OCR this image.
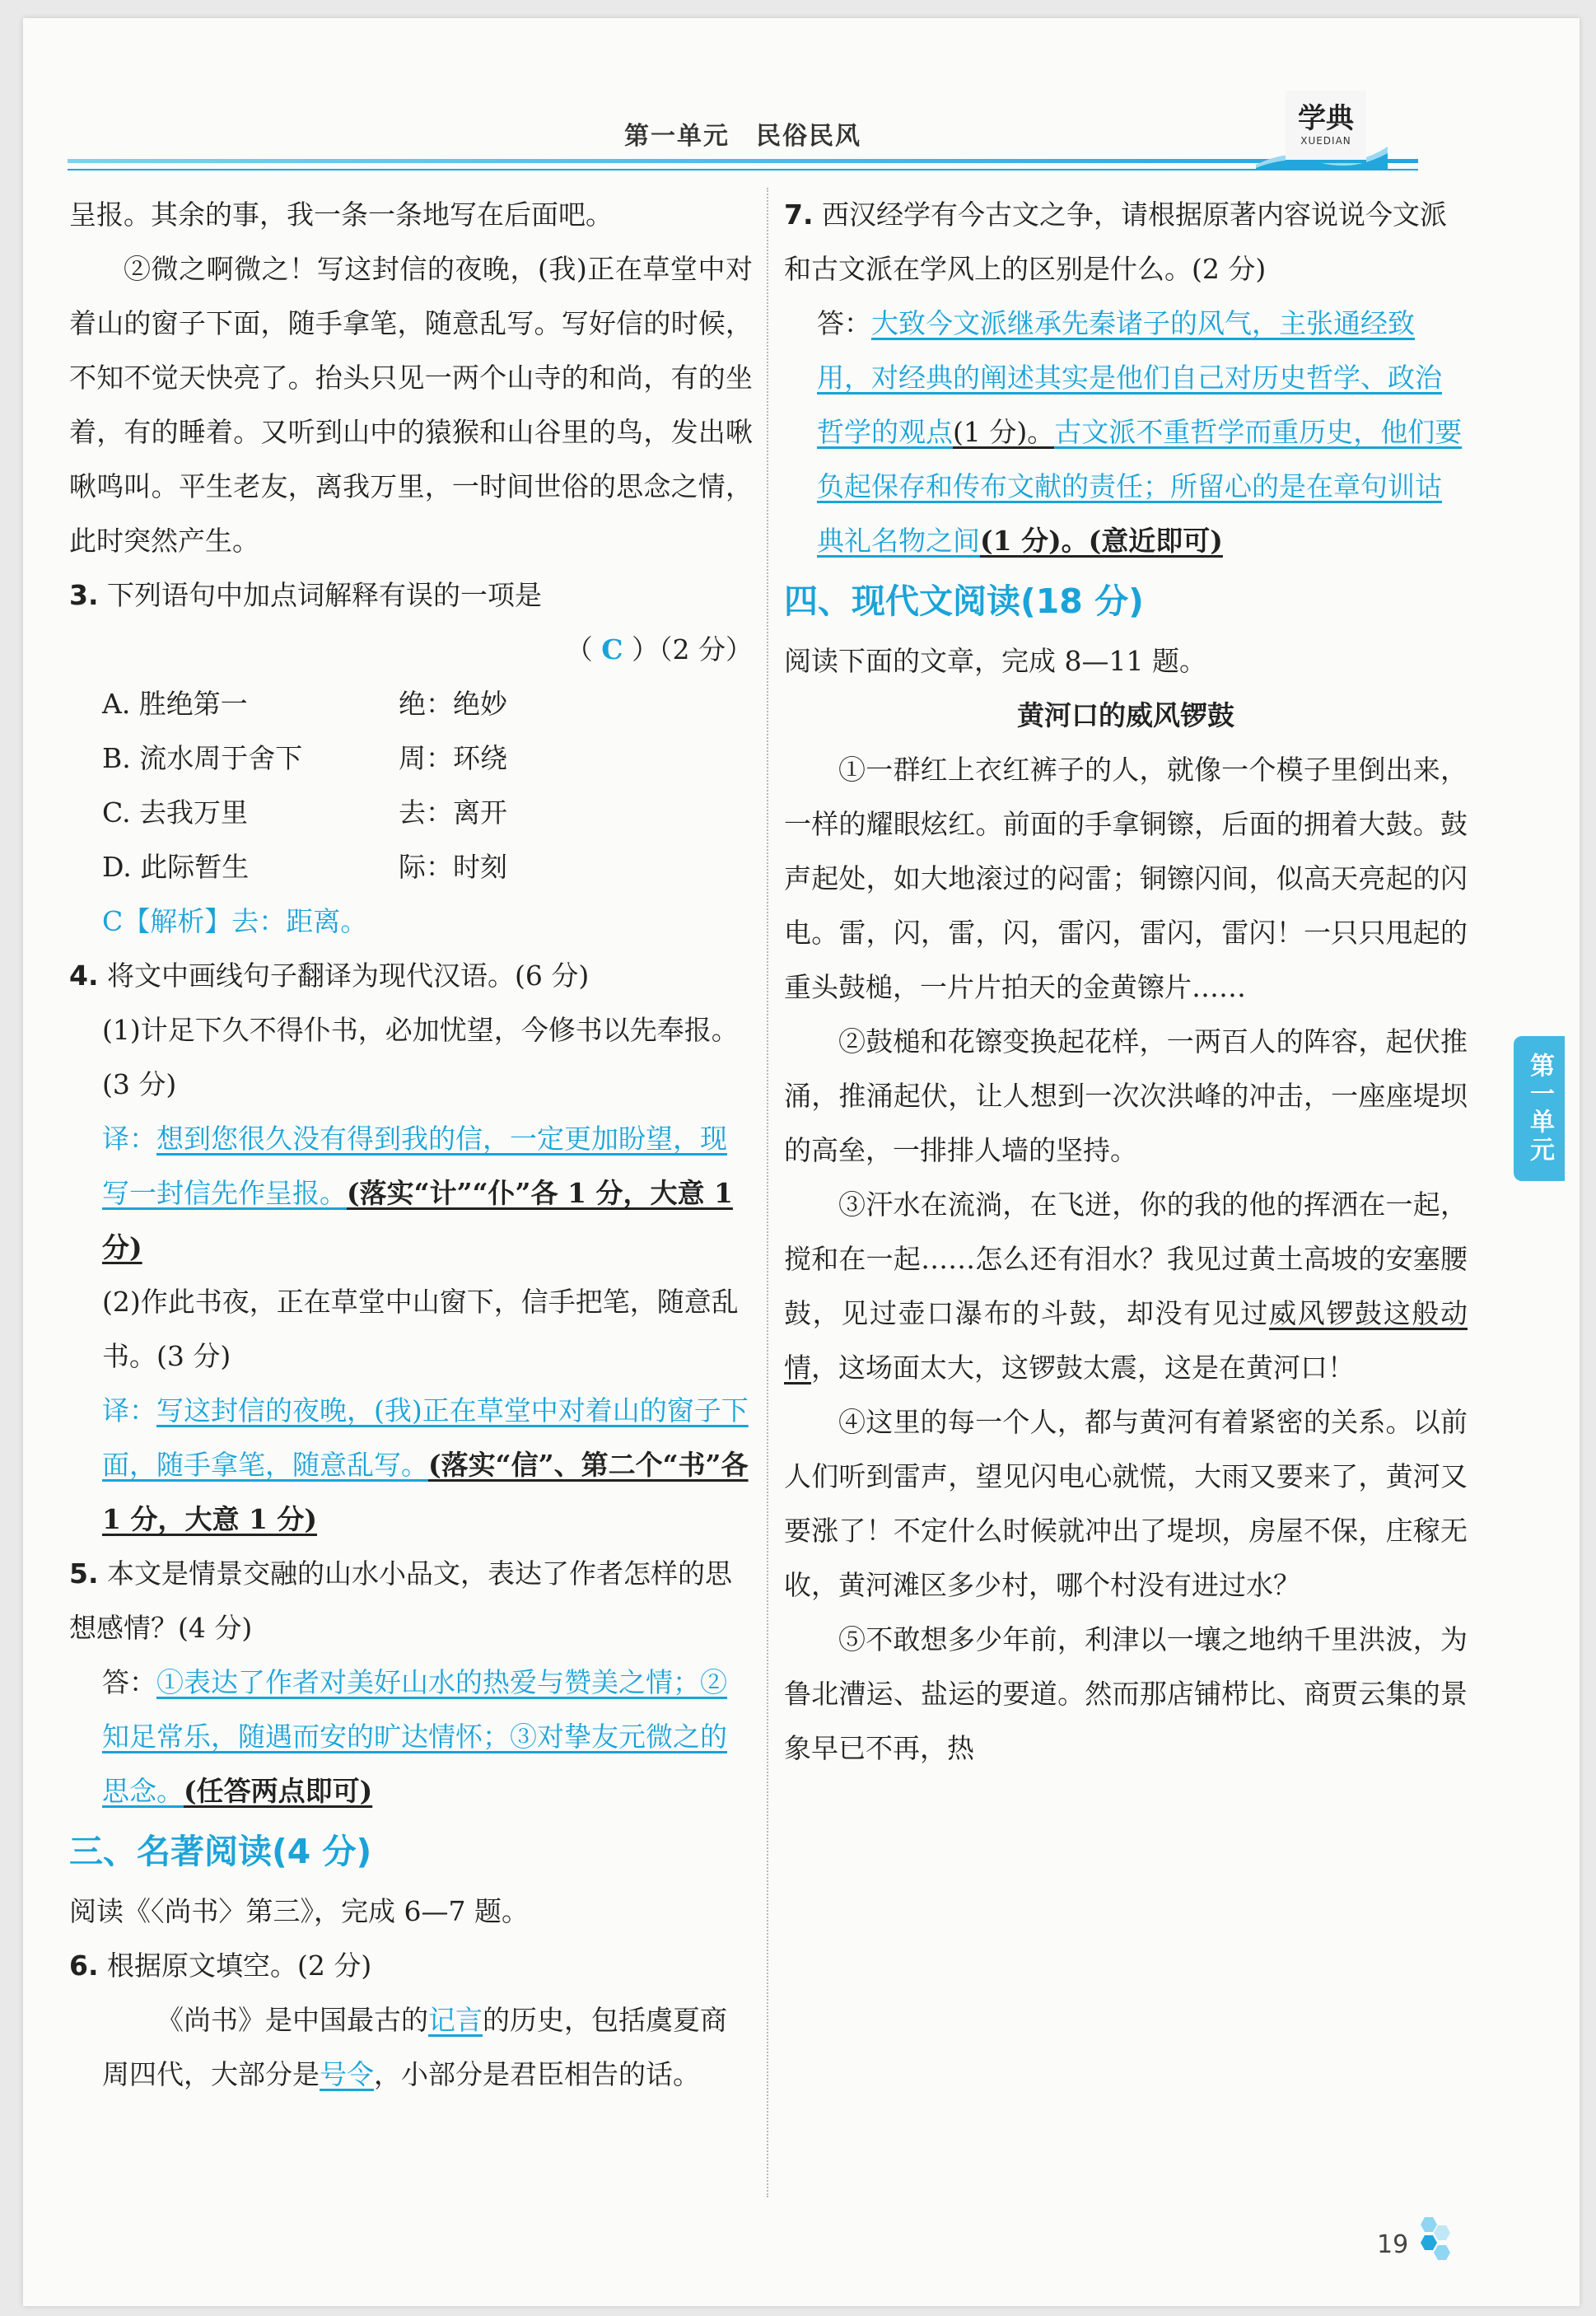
第一单元　民俗民风
学典
XUEDIAN

呈报。其余的事，我一条一条地写在后面吧。

②微之啊微之！写这封信的夜晚，(我)正在草堂中对着山的窗子下面，随手拿笔，随意乱写。写好信的时候，不知不觉天快亮了。抬头只见一两个山寺的和尚，有的坐着，有的睡着。又听到山中的猿猴和山谷里的鸟，发出啾啾鸣叫。平生老友，离我万里，一时间世俗的思念之情，此时突然产生。

3. 下列语句中加点词解释有误的一项是

（ C ）（2 分）

A. 胜绝第一	绝：绝妙
B. 流水周于舍下	周：环绕
C. 去我万里	去：离开
D. 此际暂生	际：时刻

C【解析】去：距离。

4. 将文中画线句子翻译为现代汉语。(6 分)

(1)计足下久不得仆书，必加忧望，今修书以先奉报。(3 分)

译：想到您很久没有得到我的信，一定更加盼望，现写一封信先作呈报。(落实“计”“仆”各 1 分，大意 1 分)

(2)作此书夜，正在草堂中山窗下，信手把笔，随意乱书。(3 分)

译：写这封信的夜晚，(我)正在草堂中对着山的窗子下面，随手拿笔，随意乱写。(落实“信”、第二个“书”各 1 分，大意 1 分)

5. 本文是情景交融的山水小品文，表达了作者怎样的思想感情？(4 分)

答：①表达了作者对美好山水的热爱与赞美之情；②知足常乐，随遇而安的旷达情怀；③对挚友元微之的思念。(任答两点即可)

三、名著阅读(4 分)

阅读《〈尚书〉第三》，完成 6—7 题。

6. 根据原文填空。(2 分)

《尚书》是中国最古的记言的历史，包括虞夏商周四代，大部分是号令，小部分是君臣相告的话。

7. 西汉经学有今古文之争，请根据原著内容说说今文派和古文派在学风上的区别是什么。(2 分)

答：大致今文派继承先秦诸子的风气，主张通经致用，对经典的阐述其实是他们自己对历史哲学、政治哲学的观点(1 分)。古文派不重哲学而重历史，他们要负起保存和传布文献的责任；所留心的是在章句训诂典礼名物之间(1 分)。(意近即可)

四、现代文阅读(18 分)

阅读下面的文章，完成 8—11 题。

黄河口的威风锣鼓

①一群红上衣红裤子的人，就像一个模子里倒出来，一样的耀眼炫红。前面的手拿铜镲，后面的拥着大鼓。鼓声起处，如大地滚过的闷雷；铜镲闪间，似高天亮起的闪电。雷，闪，雷，闪，雷闪，雷闪，雷闪！一只只甩起的重头鼓槌，一片片拍天的金黄镲片……

②鼓槌和花镲变换起花样，一两百人的阵容，起伏推涌，推涌起伏，让人想到一次次洪峰的冲击，一座座堤坝的高垒，一排排人墙的坚持。

③汗水在流淌，在飞迸，你的我的他的挥洒在一起，搅和在一起……怎么还有泪水？我见过黄土高坡的安塞腰鼓，见过壶口瀑布的斗鼓，却没有见过威风锣鼓这般动情，这场面太大，这锣鼓太震，这是在黄河口！

④这里的每一个人，都与黄河有着紧密的关系。以前人们听到雷声，望见闪电心就慌，大雨又要来了，黄河又要涨了！不定什么时候就冲出了堤坝，房屋不保，庄稼无收，黄河滩区多少村，哪个村没有进过水？

⑤不敢想多少年前，利津以一壤之地纳千里洪波，为鲁北漕运、盐运的要道。然而那店铺栉比、商贾云集的景象早已不再，热

第一单元
19
